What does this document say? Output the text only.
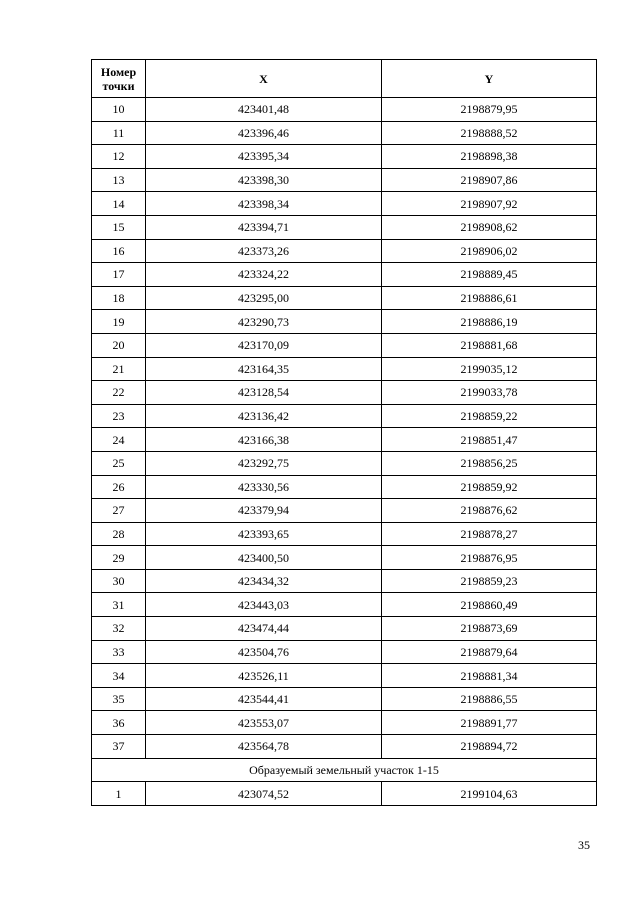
Номер точки	X	Y
10	423401,48	2198879,95
11	423396,46	2198888,52
12	423395,34	2198898,38
13	423398,30	2198907,86
14	423398,34	2198907,92
15	423394,71	2198908,62
16	423373,26	2198906,02
17	423324,22	2198889,45
18	423295,00	2198886,61
19	423290,73	2198886,19
20	423170,09	2198881,68
21	423164,35	2199035,12
22	423128,54	2199033,78
23	423136,42	2198859,22
24	423166,38	2198851,47
25	423292,75	2198856,25
26	423330,56	2198859,92
27	423379,94	2198876,62
28	423393,65	2198878,27
29	423400,50	2198876,95
30	423434,32	2198859,23
31	423443,03	2198860,49
32	423474,44	2198873,69
33	423504,76	2198879,64
34	423526,11	2198881,34
35	423544,41	2198886,55
36	423553,07	2198891,77
37	423564,78	2198894,72
Образуемый земельный участок 1-15		
1	423074,52	2199104,63
35
